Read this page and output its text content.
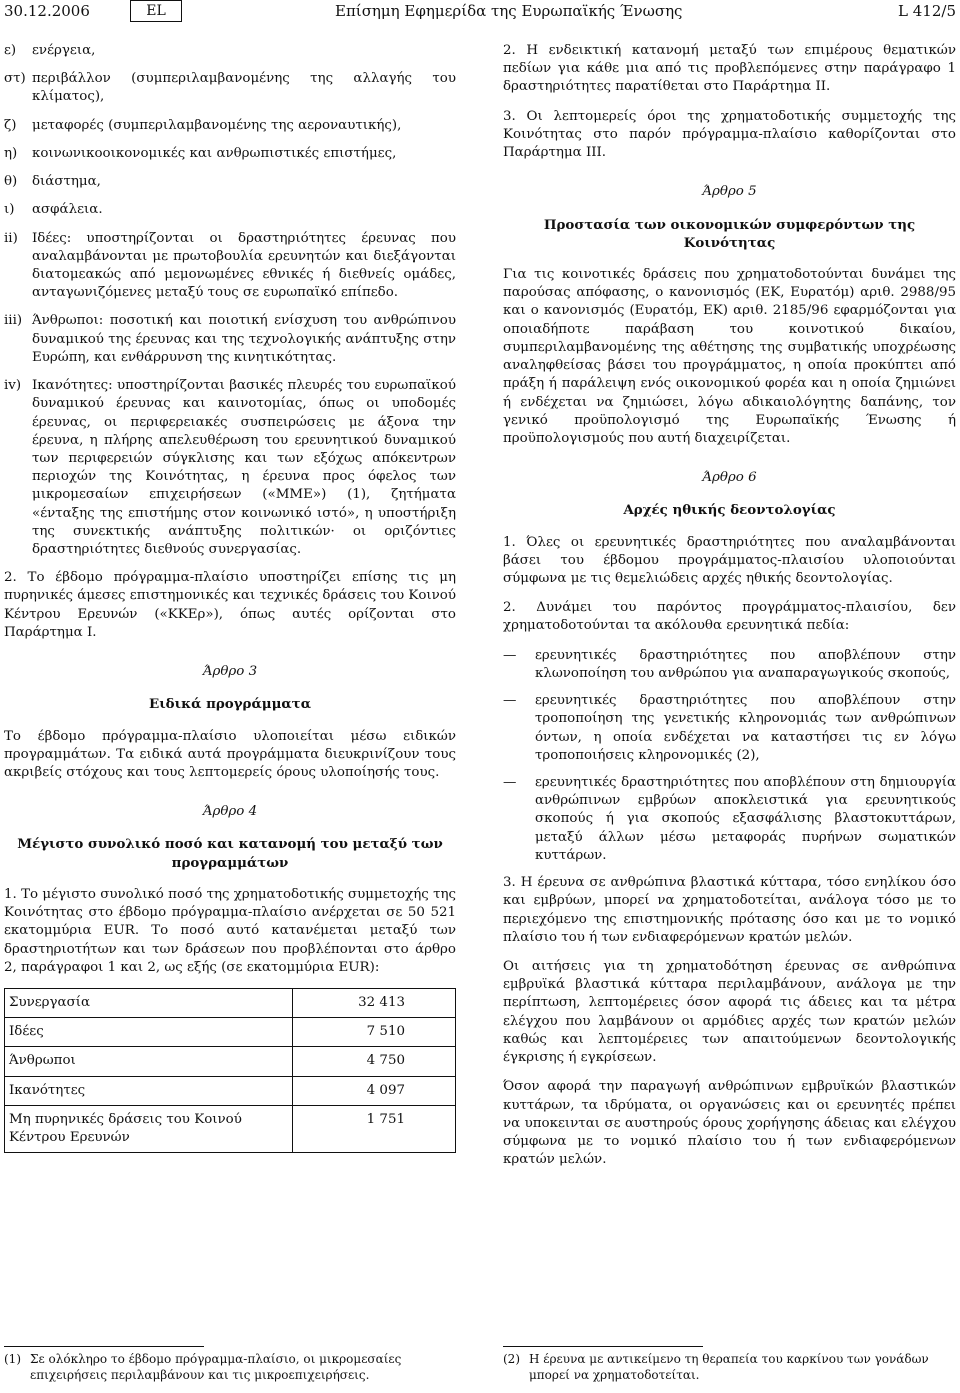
30.12.2006	EL	Επίσημη Εφημερίδα της Ευρωπαϊκής Ένωσης	L 412/5
ε)	ενέργεια,
στ) περιβάλλον (συμπεριλαμβανομένης της αλλαγής του κλίματος),
ζ)	μεταφορές (συμπεριλαμβανομένης της αεροναυτικής),
η)	κοινωνικοοικονομικές και ανθρωπιστικές επιστήμες,
θ)	διάστημα,
ι)	ασφάλεια.
ii)	Ιδέες: υποστηρίζονται οι δραστηριότητες έρευνας που αναλαμβάνονται με πρωτοβουλία ερευνητών και διεξάγονται διατομεακώς από μεμονωμένες εθνικές ή διεθνείς ομάδες, ανταγωνιζόμενες μεταξύ τους σε ευρωπαϊκό επίπεδο.
iii) Άνθρωποι: ποσοτική και ποιοτική ενίσχυση του ανθρώπινου δυναμικού της έρευνας και της τεχνολογικής ανάπτυξης στην Ευρώπη, και ενθάρρυνση της κινητικότητας.
iv) Ικανότητες: υποστηρίζονται βασικές πλευρές του ευρωπαϊκού δυναμικού έρευνας και καινοτομίας, όπως οι υποδομές έρευνας, οι περιφερειακές συσπειρώσεις με άξονα την έρευνα, η πλήρης απελευθέρωση του ερευνητικού δυναμικού των περιφερειών σύγκλισης και των εξόχως απόκεντρων περιοχών της Κοινότητας, η έρευνα προς όφελος των μικρομεσαίων επιχειρήσεων («ΜΜΕ») (1), ζητήματα «ένταξης της επιστήμης στον κοινωνικό ιστό», η υποστήριξη της συνεκτικής ανάπτυξης πολιτικών· οι οριζόντιες δραστηριότητες διεθνούς συνεργασίας.

2. Το έβδομο πρόγραμμα-πλαίσιο υποστηρίζει επίσης τις μη πυρηνικές άμεσες επιστημονικές και τεχνικές δράσεις του Κοινού Κέντρου Ερευνών («ΚΚΕρ»), όπως αυτές ορίζονται στο Παράρτημα Ι.

Άρθρο 3
Ειδικά προγράμματα

Το έβδομο πρόγραμμα-πλαίσιο υλοποιείται μέσω ειδικών προγραμμάτων. Τα ειδικά αυτά προγράμματα διευκρινίζουν τους ακριβείς στόχους και τους λεπτομερείς όρους υλοποίησής τους.

Άρθρο 4
Μέγιστο συνολικό ποσό και κατανομή του μεταξύ των προγραμμάτων

1. Το μέγιστο συνολικό ποσό της χρηματοδοτικής συμμετοχής της Κοινότητας στο έβδομο πρόγραμμα-πλαίσιο ανέρχεται σε 50 521 εκατομμύρια EUR. Το ποσό αυτό κατανέμεται μεταξύ των δραστηριοτήτων και των δράσεων που προβλέπονται στο άρθρο 2, παράγραφοι 1 και 2, ως εξής (σε εκατομμύρια EUR):

Συνεργασία	32 413
Ιδέες	7 510
Άνθρωποι	4 750
Ικανότητες	4 097
Μη πυρηνικές δράσεις του Κοινού Κέντρου Ερευνών	1 751

2. Η ενδεικτική κατανομή μεταξύ των επιμέρους θεματικών πεδίων για κάθε μια από τις προβλεπόμενες στην παράγραφο 1 δραστηριότητες παρατίθεται στο Παράρτημα ΙΙ.

3. Οι λεπτομερείς όροι της χρηματοδοτικής συμμετοχής της Κοινότητας στο παρόν πρόγραμμα-πλαίσιο καθορίζονται στο Παράρτημα ΙΙΙ.

Άρθρο 5
Προστασία των οικονομικών συμφερόντων της Κοινότητας

Για τις κοινοτικές δράσεις που χρηματοδοτούνται δυνάμει της παρούσας απόφασης, ο κανονισμός (ΕΚ, Ευρατόμ) αριθ. 2988/95 και ο κανονισμός (Ευρατόμ, ΕΚ) αριθ. 2185/96 εφαρμόζονται για οποιαδήποτε παράβαση του κοινοτικού δικαίου, συμπεριλαμβανομένης της αθέτησης της συμβατικής υποχρέωσης αναληφθείσας βάσει του προγράμματος, η οποία προκύπτει από πράξη ή παράλειψη ενός οικονομικού φορέα και η οποία ζημιώνει ή ενδέχεται να ζημιώσει, λόγω αδικαιολόγητης δαπάνης, τον γενικό προϋπολογισμό της Ευρωπαϊκής Ένωσης ή προϋπολογισμούς που αυτή διαχειρίζεται.

Άρθρο 6
Αρχές ηθικής δεοντολογίας

1. Όλες οι ερευνητικές δραστηριότητες που αναλαμβάνονται βάσει του έβδομου προγράμματος-πλαισίου υλοποιούνται σύμφωνα με τις θεμελιώδεις αρχές ηθικής δεοντολογίας.

2. Δυνάμει του παρόντος προγράμματος-πλαισίου, δεν χρηματοδοτούνται τα ακόλουθα ερευνητικά πεδία:

—	ερευνητικές δραστηριότητες που αποβλέπουν στην κλωνοποίηση του ανθρώπου για αναπαραγωγικούς σκοπούς,
—	ερευνητικές δραστηριότητες που αποβλέπουν στην τροποποίηση της γενετικής κληρονομιάς των ανθρώπινων όντων, η οποία ενδέχεται να καταστήσει τις εν λόγω τροποποιήσεις κληρονομικές (2),
—	ερευνητικές δραστηριότητες που αποβλέπουν στη δημιουργία ανθρώπινων εμβρύων αποκλειστικά για ερευνητικούς σκοπούς ή για σκοπούς εξασφάλισης βλαστοκυττάρων, μεταξύ άλλων μέσω μεταφοράς πυρήνων σωματικών κυττάρων.

3. Η έρευνα σε ανθρώπινα βλαστικά κύτταρα, τόσο ενηλίκου όσο και εμβρύων, μπορεί να χρηματοδοτείται, ανάλογα τόσο με το περιεχόμενο της επιστημονικής πρότασης όσο και με το νομικό πλαίσιο του ή των ενδιαφερόμενων κρατών μελών.

Οι αιτήσεις για τη χρηματοδότηση έρευνας σε ανθρώπινα εμβρυϊκά βλαστικά κύτταρα περιλαμβάνουν, ανάλογα με την περίπτωση, λεπτομέρειες όσον αφορά τις άδειες και τα μέτρα ελέγχου που λαμβάνουν οι αρμόδιες αρχές των κρατών μελών καθώς και λεπτομέρειες των απαιτούμενων δεοντολογικής έγκρισης ή εγκρίσεων.

Όσον αφορά την παραγωγή ανθρώπινων εμβρυϊκών βλαστικών κυττάρων, τα ιδρύματα, οι οργανώσεις και οι ερευνητές πρέπει να υποκεινται σε αυστηρούς όρους χορήγησης άδειας και ελέγχου σύμφωνα με το νομικό πλαίσιο του ή των ενδιαφερόμενων κρατών μελών.

(1) Σε ολόκληρο το έβδομο πρόγραμμα-πλαίσιο, οι μικρομεσαίες επιχειρήσεις περιλαμβάνουν και τις μικροεπιχειρήσεις.
(2) Η έρευνα με αντικείμενο τη θεραπεία του καρκίνου των γονάδων μπορεί να χρηματοδοτείται.
